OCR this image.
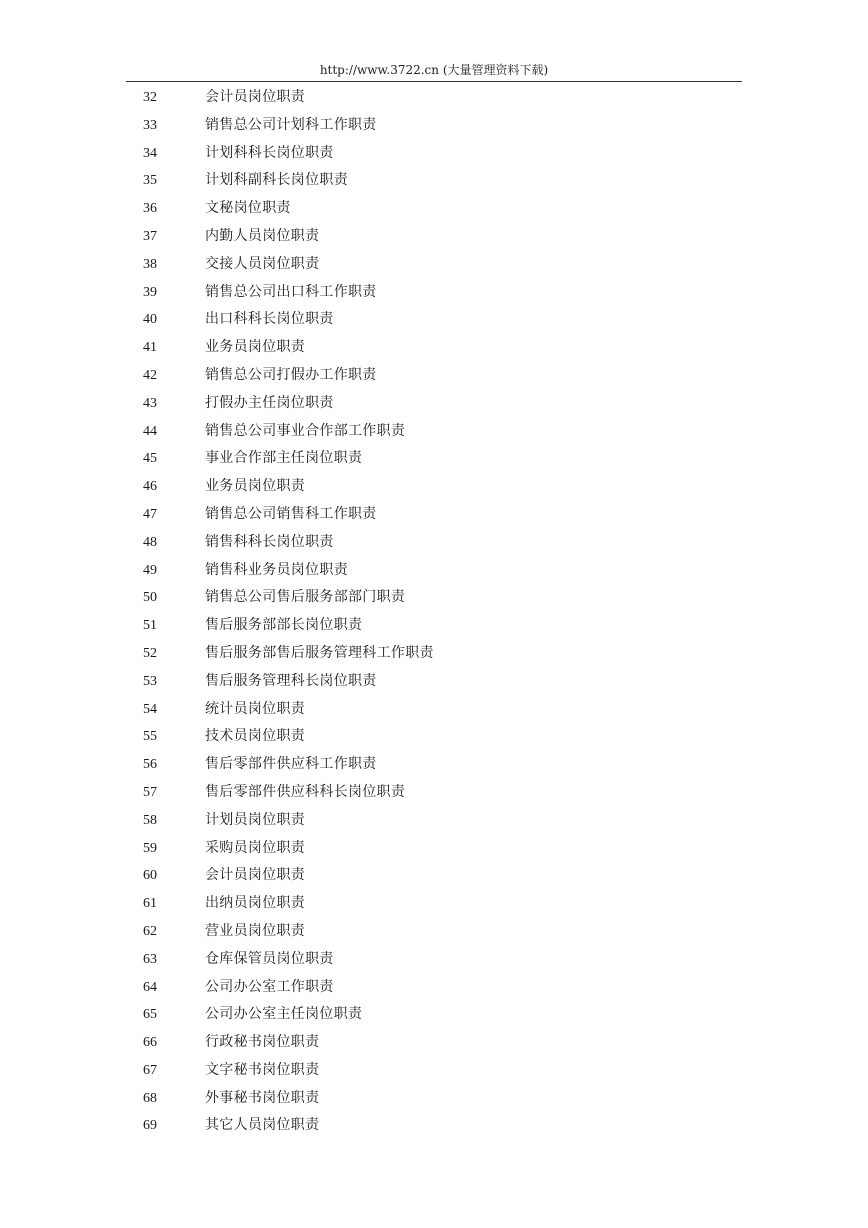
http://www.3722.cn (大量管理资料下载)
32	会计员岗位职责
33	销售总公司计划科工作职责
34	计划科科长岗位职责
35	计划科副科长岗位职责
36	文秘岗位职责
37	内勤人员岗位职责
38	交接人员岗位职责
39	销售总公司出口科工作职责
40	出口科科长岗位职责
41	业务员岗位职责
42	销售总公司打假办工作职责
43	打假办主任岗位职责
44	销售总公司事业合作部工作职责
45	事业合作部主任岗位职责
46	业务员岗位职责
47	销售总公司销售科工作职责
48	销售科科长岗位职责
49	销售科业务员岗位职责
50	销售总公司售后服务部部门职责
51	售后服务部部长岗位职责
52	售后服务部售后服务管理科工作职责
53	售后服务管理科长岗位职责
54	统计员岗位职责
55	技术员岗位职责
56	售后零部件供应科工作职责
57	售后零部件供应科科长岗位职责
58	计划员岗位职责
59	采购员岗位职责
60	会计员岗位职责
61	出纳员岗位职责
62	营业员岗位职责
63	仓库保管员岗位职责
64	公司办公室工作职责
65	公司办公室主任岗位职责
66	行政秘书岗位职责
67	文字秘书岗位职责
68	外事秘书岗位职责
69	其它人员岗位职责
